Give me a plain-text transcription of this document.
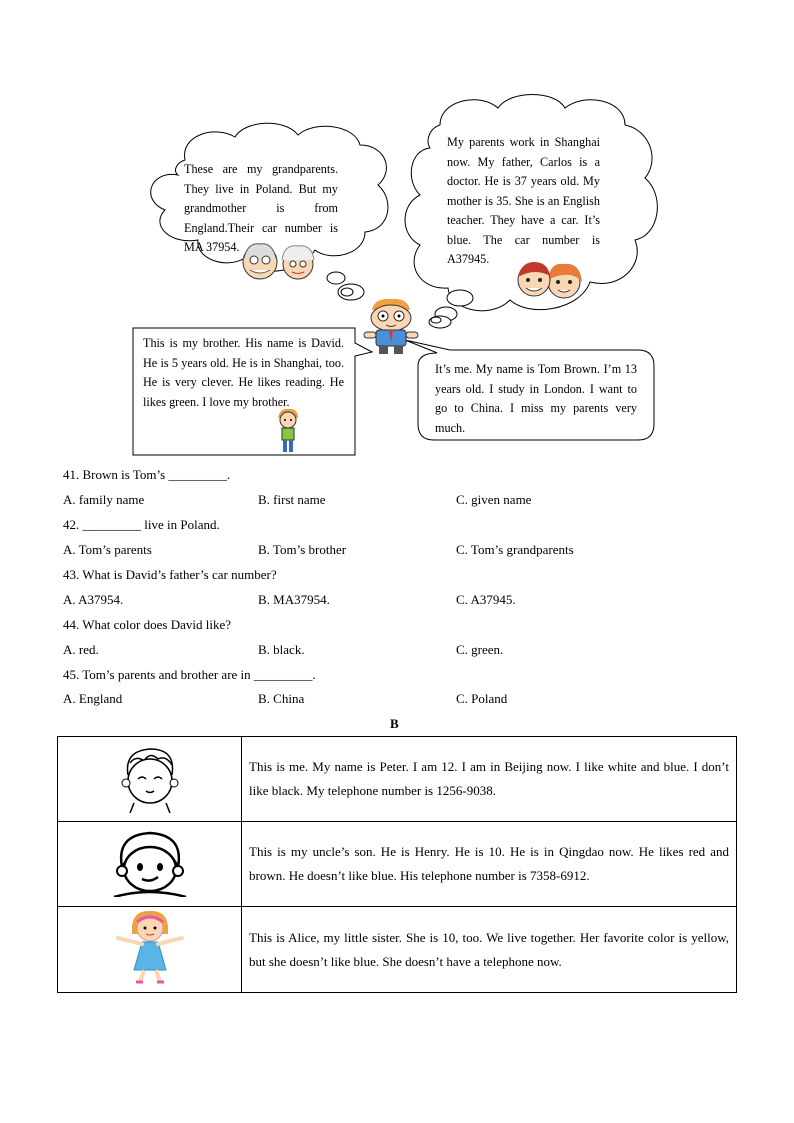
These are my grandparents. They live in Poland. But my grandmother is from England.Their car number is MA 37954.
My parents work in Shanghai now. My father, Carlos is a doctor. He is 37 years old. My mother is 35. She is an English teacher. They have a car. It’s blue. The car number is A37945.
This is my brother. His name is David. He is 5 years old. He is in Shanghai, too. He is very clever. He likes reading. He likes green. I love my brother.
It’s me. My name is Tom Brown. I’m 13 years old. I study in London. I want to go to China. I miss my parents very much.
41. Brown is Tom’s _________.
A. family name	B. first name	C. given name
42. _________ live in Poland.
A. Tom’s parents	B. Tom’s brother	C. Tom’s grandparents
43. What is David’s father’s car number?
A. A37954.	B. MA37954.	C. A37945.
44. What color does David like?
A. red.	B. black.	C. green.
45. Tom’s parents and brother are in _________.
A. England	B. China	C. Poland
B
	This is me. My name is Peter. I am 12. I am in Beijing now. I like white and blue. I don’t like black. My telephone number is 1256-9038.
	This is my uncle’s son. He is Henry. He is 10. He is in Qingdao now. He likes red and brown. He doesn’t like blue. His telephone number is 7358-6912.
	This is Alice, my little sister. She is 10, too. We live together. Her favorite color is yellow, but she doesn’t like blue. She doesn’t have a telephone now.
